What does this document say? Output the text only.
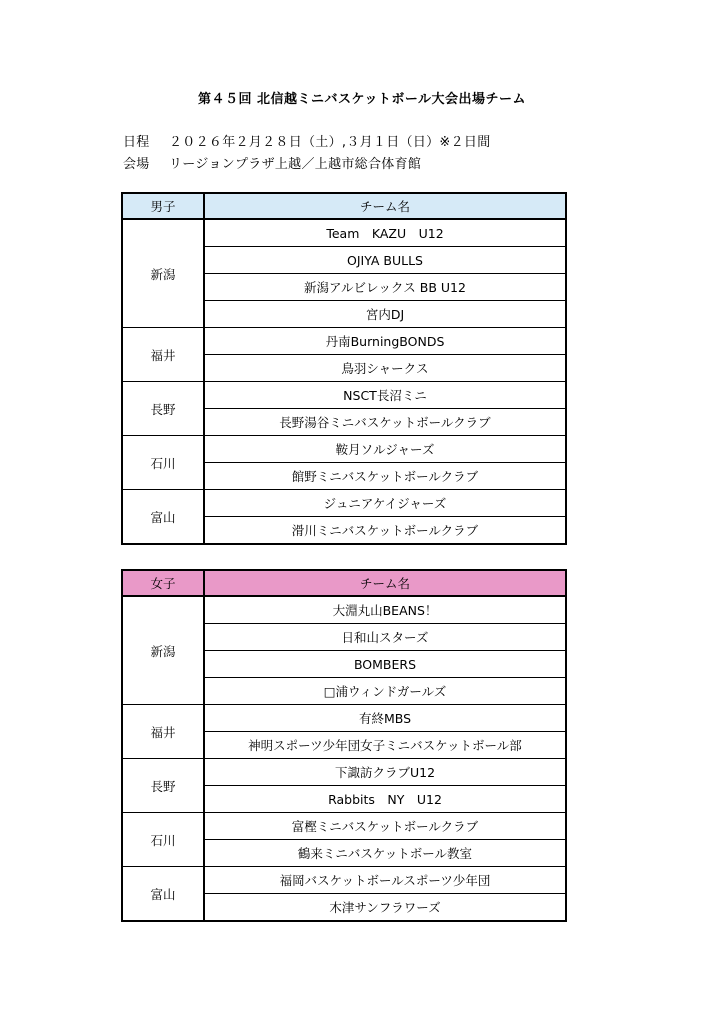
第４５回 北信越ミニバスケットボール大会出場チーム
日程 ２０２６年２月２８日（土）,３月１日（日）※２日間
会場 リージョンプラザ上越／上越市総合体育館
男子	チーム名
新潟	Team　KAZU　U12
	OJIYA BULLS
	新潟アルビレックス BB U12
	宮内DJ
福井	丹南BurningBONDS
	鳥羽シャークス
長野	NSCT長沼ミニ
	長野湯谷ミニバスケットボールクラブ
石川	鞍月ソルジャーズ
	館野ミニバスケットボールクラブ
富山	ジュニアケイジャーズ
	滑川ミニバスケットボールクラブ
女子	チーム名
新潟	大淵丸山BEANS！
	日和山スターズ
	BOMBERS
	□浦ウィンドガールズ
福井	有終MBS
	神明スポーツ少年団女子ミニバスケットボール部
長野	下諏訪クラブU12
	Rabbits　NY　U12
石川	富樫ミニバスケットボールクラブ
	鶴来ミニバスケットボール教室
富山	福岡バスケットボールスポーツ少年団
	木津サンフラワーズ
